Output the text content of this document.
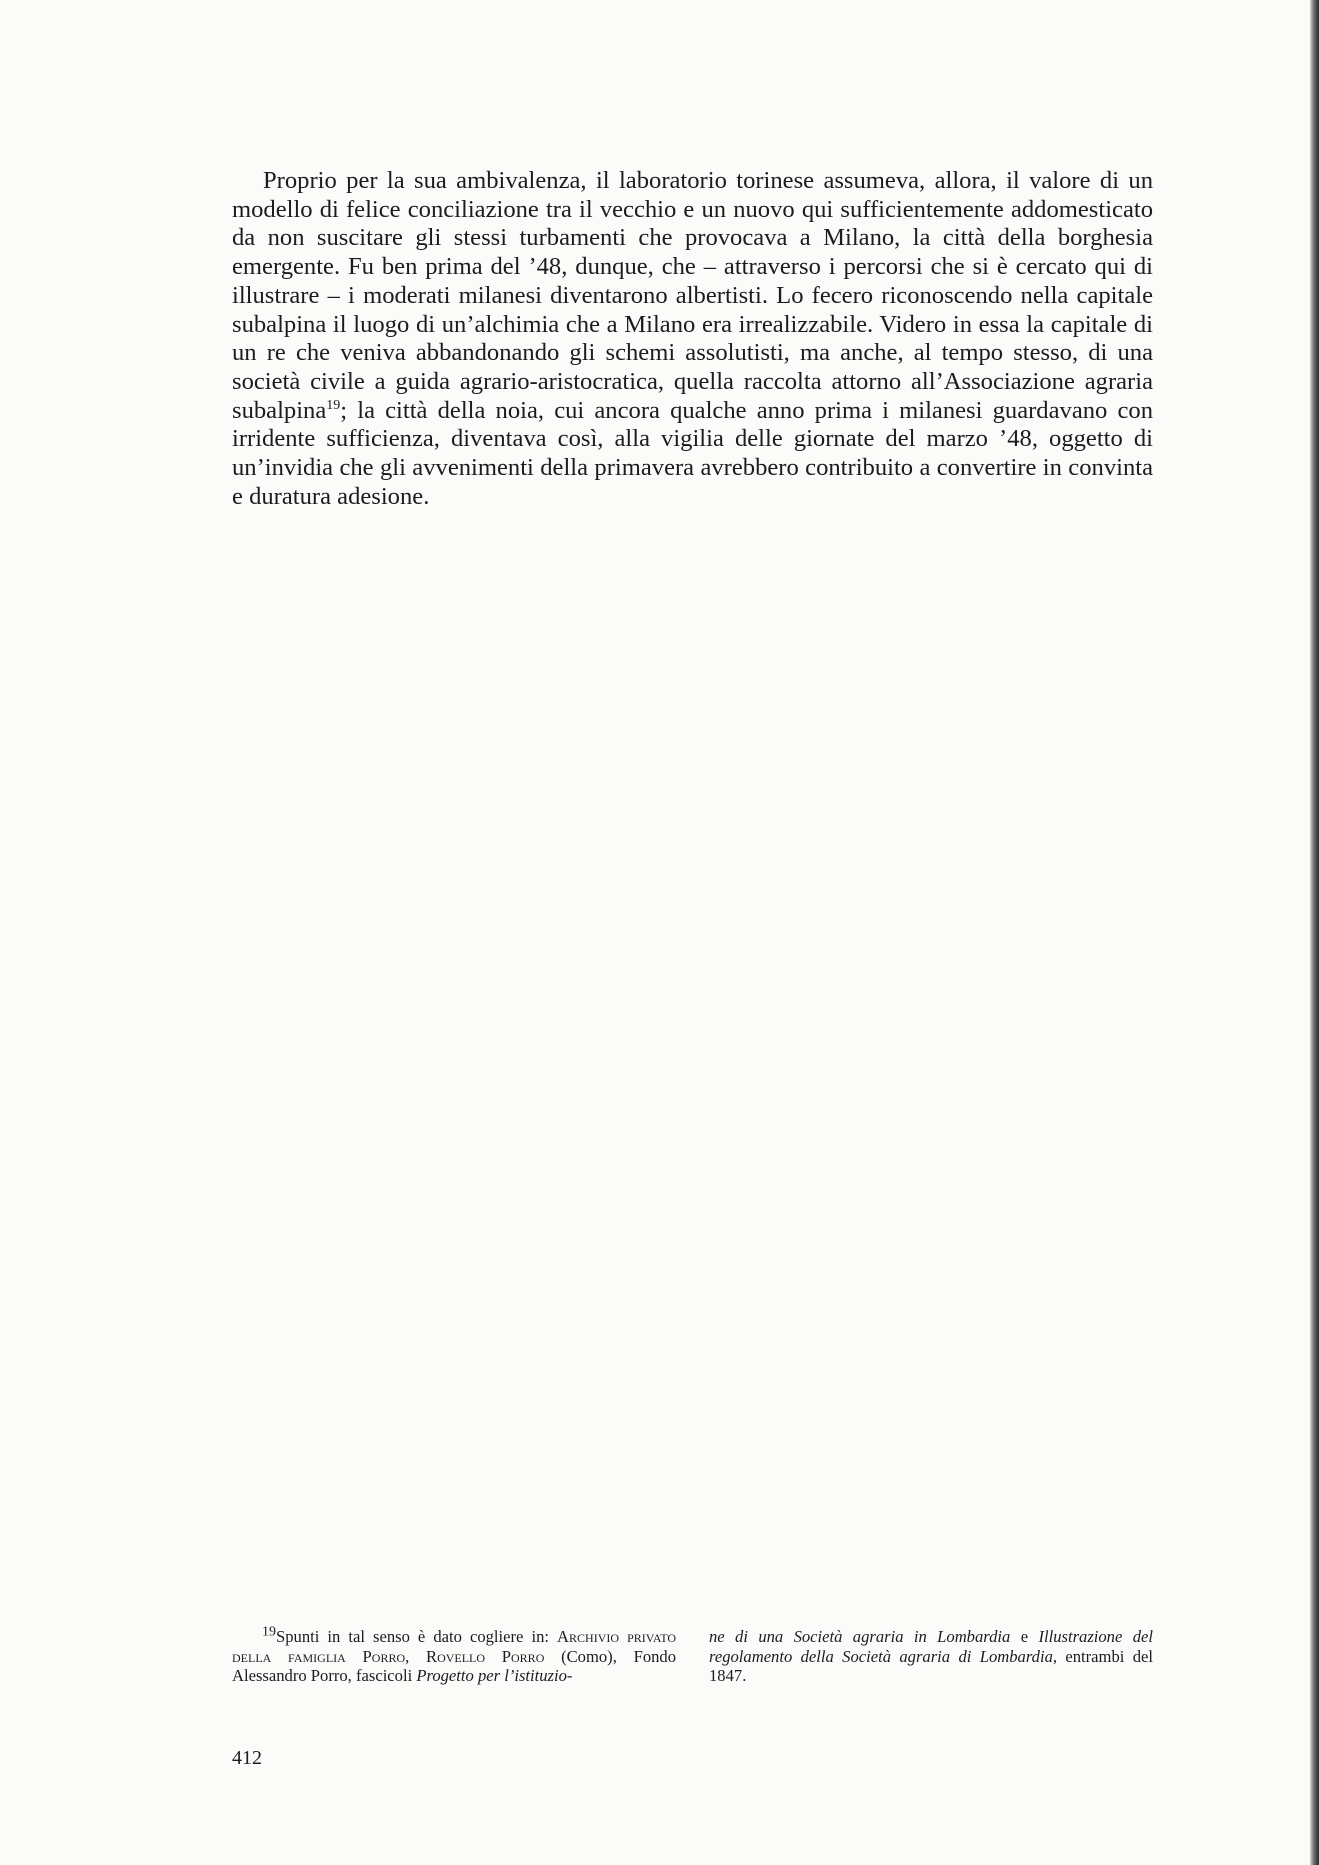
Proprio per la sua ambivalenza, il laboratorio torinese assumeva, allora, il valore di un modello di felice conciliazione tra il vecchio e un nuovo qui sufficientemente addomesticato da non suscitare gli stessi turbamenti che provocava a Milano, la città della borghesia emergente. Fu ben prima del ’48, dunque, che – attraverso i percorsi che si è cercato qui di illustrare – i moderati milanesi diventarono albertisti. Lo fecero riconoscendo nella capitale subalpina il luogo di un’alchimia che a Milano era irrealizzabile. Videro in essa la capitale di un re che veniva abbandonando gli schemi assolutisti, ma anche, al tempo stesso, di una società civile a guida agrario-aristocratica, quella raccolta attorno all’Associazione agraria subalpina$^{19}$; la città della noia, cui ancora qualche anno prima i milanesi guardavano con irridente sufficienza, diventava così, alla vigilia delle giornate del marzo ’48, oggetto di un’invidia che gli avvenimenti della primavera avrebbero contribuito a convertire in convinta e duratura adesione.

$^{19}$Spunti in tal senso è dato cogliere in: Archivio privato della famiglia Porro, Rovello Porro (Como), Fondo Alessandro Porro, fascicoli Progetto per l’istituzio-
ne di una Società agraria in Lombardia e Illustrazione del regolamento della Società agraria di Lombardia, entrambi del 1847.
412
